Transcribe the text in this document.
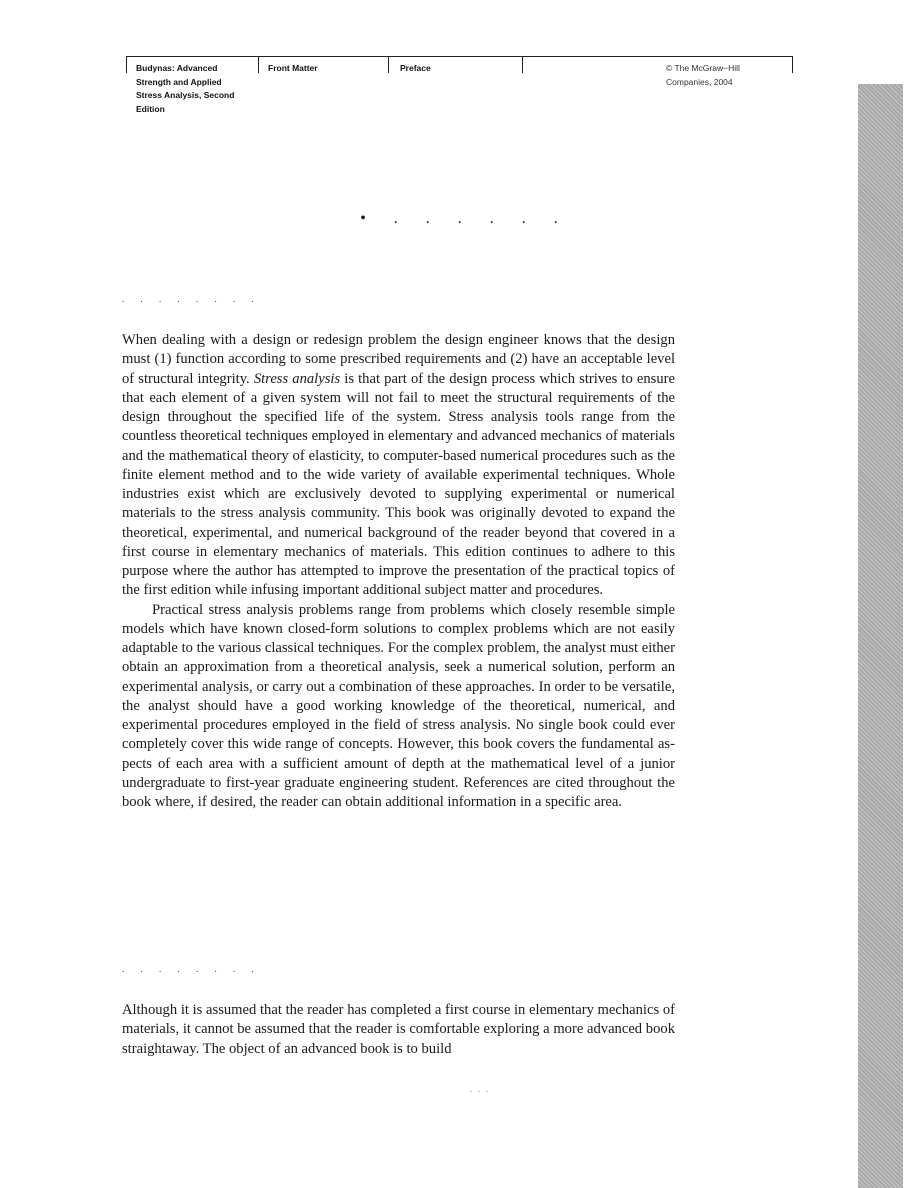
Budynas: Advanced
Strength and Applied
Stress Analysis, Second
Edition
Front Matter	Preface	© The McGraw−Hill
Companies, 2004
• . . . . . .
. . . . . . . .

When dealing with a design or redesign problem the design engineer knows that the design must (1) function according to some prescribed requirements and (2) have an acceptable level of structural integrity. Stress analysis is that part of the design process which strives to ensure that each element of a given system will not fail to meet the structural requirements of the design throughout the specified life of the system. Stress analysis tools range from the countless theoretical techniques employed in elementary and advanced mechanics of materials and the mathematical theory of elasticity, to computer-based numerical procedures such as the finite element method and to the wide variety of available experimental techniques. Whole industries exist which are exclusively devoted to supplying experimental or numerical materials to the stress analysis community. This book was originally devoted to expand the theoretical, experimental, and numerical background of the reader beyond that covered in a first course in elementary mechanics of materials. This edition continues to adhere to this purpose where the author has attempted to improve the presentation of the practical topics of the first edition while infusing important additional subject matter and procedures.

Practical stress analysis problems range from problems which closely resemble simple models which have known closed-form solutions to complex problems which are not easily adaptable to the various classical techniques. For the complex problem, the analyst must either obtain an approximation from a theoretical analysis, seek a numerical solution, perform an experimental analysis, or carry out a combination of these approaches. In order to be versatile, the analyst should have a good working knowledge of the theoretical, numerical, and experimental procedures employed in the field of stress analysis. No single book could ever completely cover this wide range of concepts. However, this book covers the fundamental aspects of each area with a sufficient amount of depth at the mathematical level of a junior undergraduate to first-year graduate engineering student. References are cited throughout the book where, if desired, the reader can obtain additional information in a specific area.

. . . . . . . .

Although it is assumed that the reader has completed a first course in elementary mechanics of materials, it cannot be assumed that the reader is comfortable exploring a more advanced book straightaway. The object of an advanced book is to build

. . .
